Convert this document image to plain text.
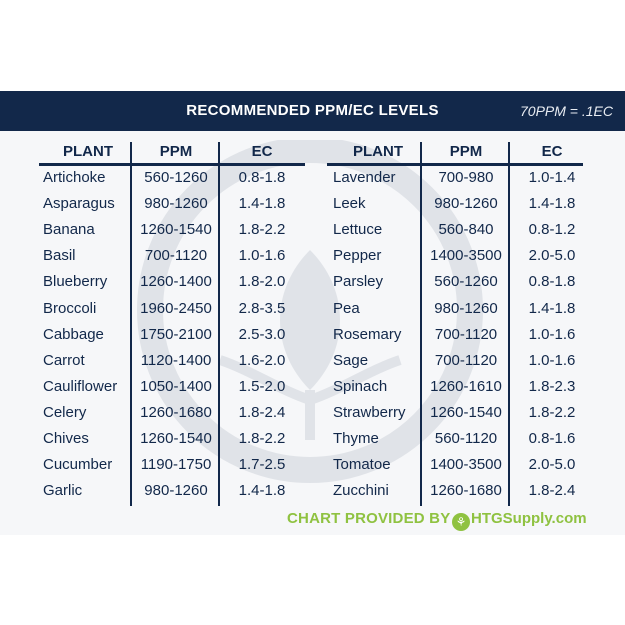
RECOMMENDED PPM/EC LEVELS	70PPM = .1EC
PLANT	PPM	EC
Artichoke	560-1260	0.8-1.8
Asparagus	980-1260	1.4-1.8
Banana	1260-1540	1.8-2.2
Basil	700-1120	1.0-1.6
Blueberry	1260-1400	1.8-2.0
Broccoli	1960-2450	2.8-3.5
Cabbage	1750-2100	2.5-3.0
Carrot	1120-1400	1.6-2.0
Cauliflower	1050-1400	1.5-2.0
Celery	1260-1680	1.8-2.4
Chives	1260-1540	1.8-2.2
Cucumber	1190-1750	1.7-2.5
Garlic	980-1260	1.4-1.8
PLANT	PPM	EC
Lavender	700-980	1.0-1.4
Leek	980-1260	1.4-1.8
Lettuce	560-840	0.8-1.2
Pepper	1400-3500	2.0-5.0
Parsley	560-1260	0.8-1.8
Pea	980-1260	1.4-1.8
Rosemary	700-1120	1.0-1.6
Sage	700-1120	1.0-1.6
Spinach	1260-1610	1.8-2.3
Strawberry	1260-1540	1.8-2.2
Thyme	560-1120	0.8-1.6
Tomatoe	1400-3500	2.0-5.0
Zucchini	1260-1680	1.8-2.4
CHART PROVIDED BY ⚘ HTGSupply.com
